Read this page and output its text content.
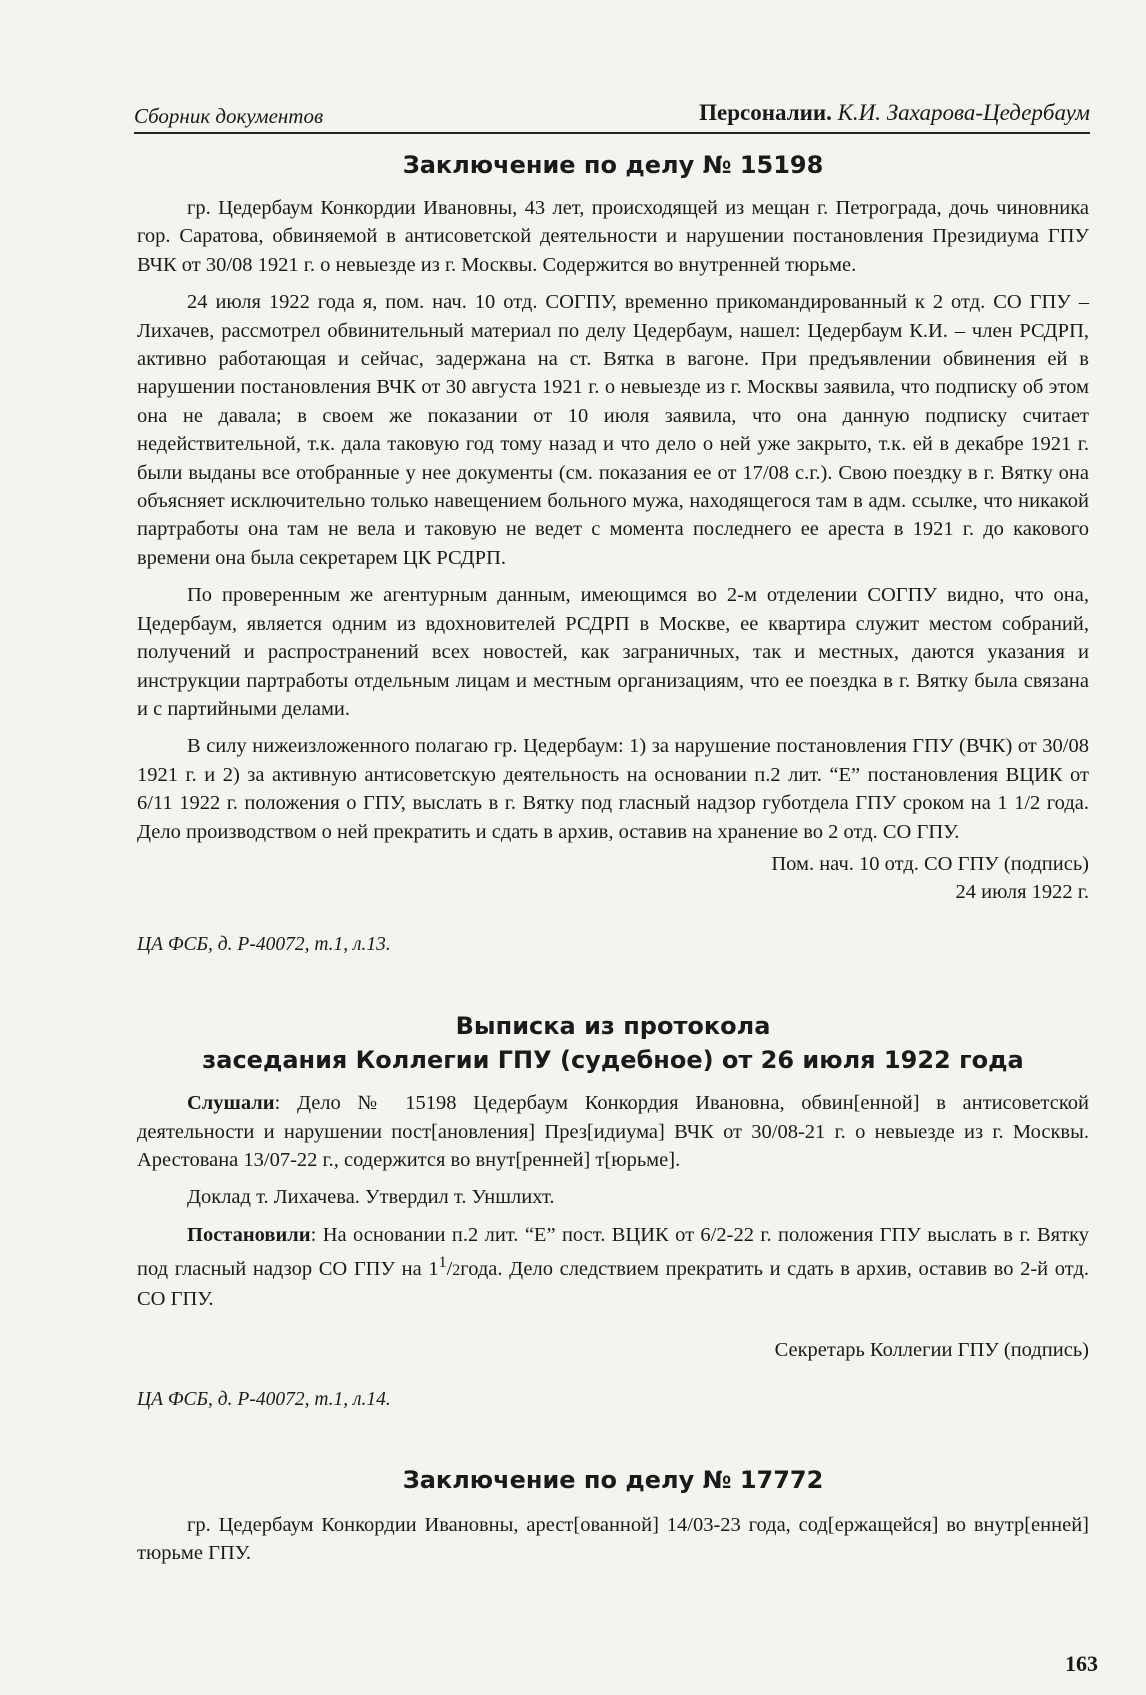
Сборник документов	Персоналии. К.И. Захарова-Цедербаум
Заключение по делу № 15198

гр. Цедербаум Конкордии Ивановны, 43 лет, происходящей из мещан г. Петрограда, дочь чиновника гор. Саратова, обвиняемой в антисоветской деятельности и нарушении постановления Президиума ГПУ ВЧК от 30/08 1921 г. о невыезде из г. Москвы. Содержится во внутренней тюрьме.

24 июля 1922 года я, пом. нач. 10 отд. СОГПУ, временно прикомандированный к 2 отд. СО ГПУ – Лихачев, рассмотрел обвинительный материал по делу Цедербаум, нашел: Цедербаум К.И. – член РСДРП, активно работающая и сейчас, задержана на ст. Вятка в вагоне. При предъявлении обвинения ей в нарушении постановления ВЧК от 30 августа 1921 г. о невыезде из г. Москвы заявила, что подписку об этом она не давала; в своем же показании от 10 июля заявила, что она данную подписку считает недействительной, т.к. дала таковую год тому назад и что дело о ней уже закрыто, т.к. ей в декабре 1921 г. были выданы все отобранные у нее документы (см. показания ее от 17/08 с.г.). Свою поездку в г. Вятку она объясняет исключительно только навещением больного мужа, находящегося там в адм. ссылке, что никакой партработы она там не вела и таковую не ведет с момента последнего ее ареста в 1921 г. до какового времени она была секретарем ЦК РСДРП.

По проверенным же агентурным данным, имеющимся во 2-м отделении СОГПУ видно, что она, Цедербаум, является одним из вдохновителей РСДРП в Москве, ее квартира служит местом собраний, получений и распространений всех новостей, как заграничных, так и местных, даются указания и инструкции партработы отдельным лицам и местным организациям, что ее поездка в г. Вятку была связана и с партийными делами.

В силу нижеизложенного полагаю гр. Цедербаум: 1) за нарушение постановления ГПУ (ВЧК) от 30/08 1921 г. и 2) за активную антисоветскую деятельность на основании п.2 лит. “Е” постановления ВЦИК от 6/11 1922 г. положения о ГПУ, выслать в г. Вятку под гласный надзор губотдела ГПУ сроком на 1 1/2 года. Дело производством о ней прекратить и сдать в архив, оставив на хранение во 2 отд. СО ГПУ.

Пом. нач. 10 отд. СО ГПУ (подпись)

24 июля 1922 г.

ЦА ФСБ, д. Р-40072, т.1, л.13.

Выписка из протокола
заседания Коллегии ГПУ (судебное) от 26 июля 1922 года

Слушали: Дело № 15198 Цедербаум Конкордия Ивановна, обвин[енной] в антисоветской деятельности и нарушении пост[ановления] През[идиума] ВЧК от 30/08-21 г. о невыезде из г. Москвы. Арестована 13/07-22 г., содержится во внут[ренней] т[юрьме].

Доклад т. Лихачева. Утвердил т. Уншлихт.

Постановили: На основании п.2 лит. “Е” пост. ВЦИК от 6/2-22 г. положения ГПУ выслать в г. Вятку под гласный надзор СО ГПУ на $1^1/2года$. Дело следствием прекратить и сдать в архив, оставив во 2-й отд. СО ГПУ.

Секретарь Коллегии ГПУ (подпись)

ЦА ФСБ, д. Р-40072, т.1, л.14.

Заключение по делу № 17772

гр. Цедербаум Конкордии Ивановны, арест[ованной] 14/03-23 года, сод[ержащейся] во внутр[енней] тюрьме ГПУ.

163
